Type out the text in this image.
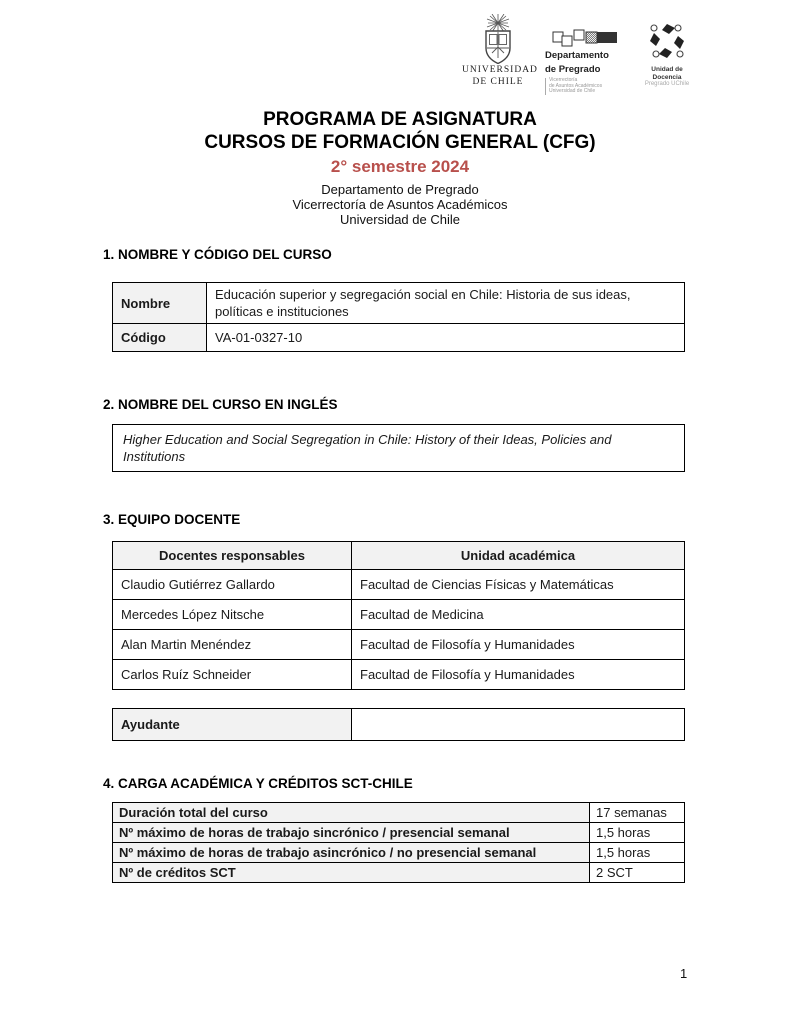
UNIVERSIDAD
DE CHILE
Departamento
de Pregrado
Vicerrectoría
de Asuntos Académicos
Universidad de Chile
Unidad de Docencia
Pregrado UChile
PROGRAMA DE ASIGNATURA
CURSOS DE FORMACIÓN GENERAL (CFG)
2° semestre 2024
Departamento de Pregrado
Vicerrectoría de Asuntos Académicos
Universidad de Chile
1. NOMBRE Y CÓDIGO DEL CURSO
Nombre	Educación superior y segregación social en Chile: Historia de sus ideas, políticas e instituciones
Código	VA-01-0327-10
2. NOMBRE DEL CURSO EN INGLÉS
Higher Education and Social Segregation in Chile: History of their Ideas, Policies and Institutions
3. EQUIPO DOCENTE
Docentes responsables	Unidad académica
Claudio Gutiérrez Gallardo	Facultad de Ciencias Físicas y Matemáticas
Mercedes López Nitsche	Facultad de Medicina
Alan Martin Menéndez	Facultad de Filosofía y Humanidades
Carlos Ruíz Schneider	Facultad de Filosofía y Humanidades
Ayudante	
4. CARGA ACADÉMICA Y CRÉDITOS SCT-CHILE
Duración total del curso	17 semanas
Nº máximo de horas de trabajo sincrónico / presencial semanal	1,5 horas
Nº máximo de horas de trabajo asincrónico / no presencial semanal	1,5 horas
Nº de créditos SCT	2 SCT
1
